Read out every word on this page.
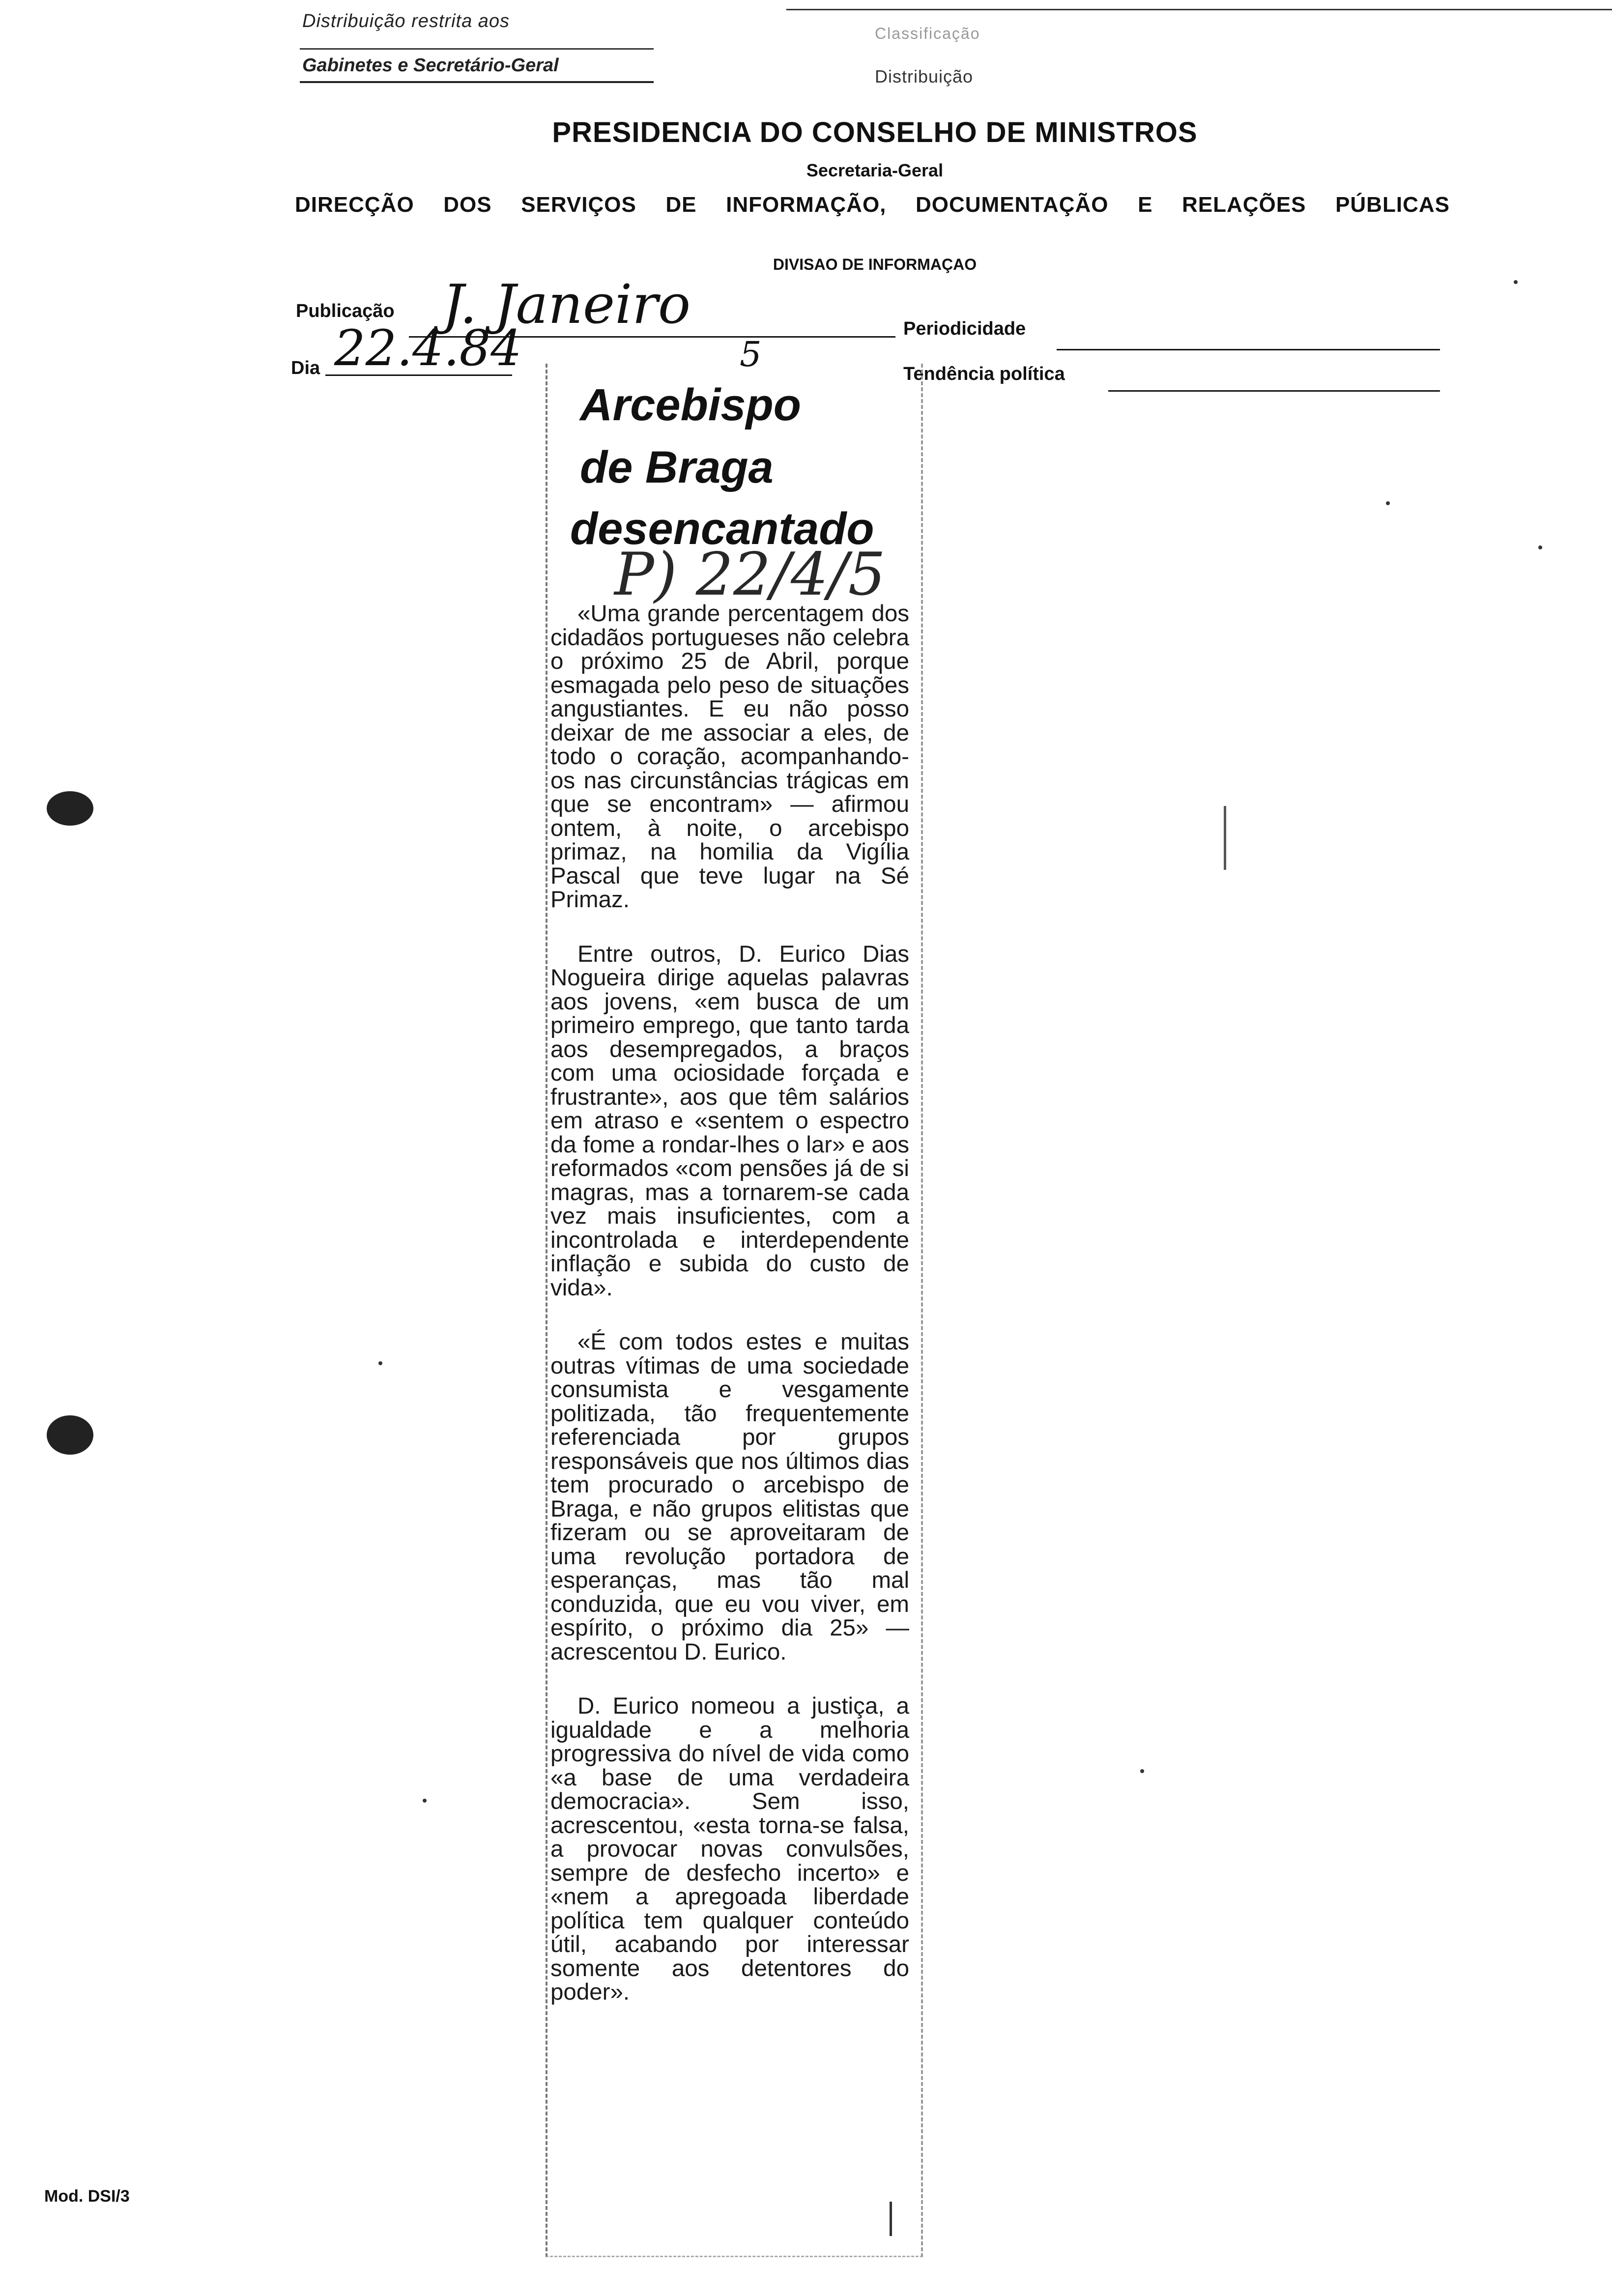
Distribuição restrita aos
Gabinetes e Secretário-Geral
Classificação
Distribuição
PRESIDENCIA DO CONSELHO DE MINISTROS
Secretaria-Geral
DIRECÇÃO DOS SERVIÇOS DE INFORMAÇÃO, DOCUMENTAÇÃO E RELAÇÕES PÚBLICAS
DIVISAO DE INFORMAÇAO
Publicação J. Janeiro	Periodicidade
Dia 22.4.84	5	Tendência política
Arcebispo
de Braga
desencantado
P) 22/4/5

«Uma grande percentagem dos cidadãos portugueses não celebra o próximo 25 de Abril, porque esmagada pelo peso de situações angustiantes. E eu não posso deixar de me associar a eles, de todo o coração, acompanhando-os nas circunstâncias trágicas em que se encontram» — afirmou ontem, à noite, o arcebispo primaz, na homilia da Vigília Pascal que teve lugar na Sé Primaz.

Entre outros, D. Eurico Dias Nogueira dirige aquelas palavras aos jovens, «em busca de um primeiro emprego, que tanto tarda aos desempregados, a braços com uma ociosidade forçada e frustrante», aos que têm salários em atraso e «sentem o espectro da fome a rondar-lhes o lar» e aos reformados «com pensões já de si magras, mas a tornarem-se cada vez mais insuficientes, com a incontrolada e interdependente inflação e subida do custo de vida».

«É com todos estes e muitas outras vítimas de uma sociedade consumista e vesgamente politizada, tão frequentemente referenciada por grupos responsáveis que nos últimos dias tem procurado o arcebispo de Braga, e não grupos elitistas que fizeram ou se aproveitaram de uma revolução portadora de esperanças, mas tão mal conduzida, que eu vou viver, em espírito, o próximo dia 25» — acrescentou D. Eurico.

D. Eurico nomeou a justiça, a igualdade e a melhoria progressiva do nível de vida como «a base de uma verdadeira democracia». Sem isso, acrescentou, «esta torna-se falsa, a provocar novas convulsões, sempre de desfecho incerto» e «nem a apregoada liberdade política tem qualquer conteúdo útil, acabando por interessar somente aos detentores do poder».

Mod. DSI/3
